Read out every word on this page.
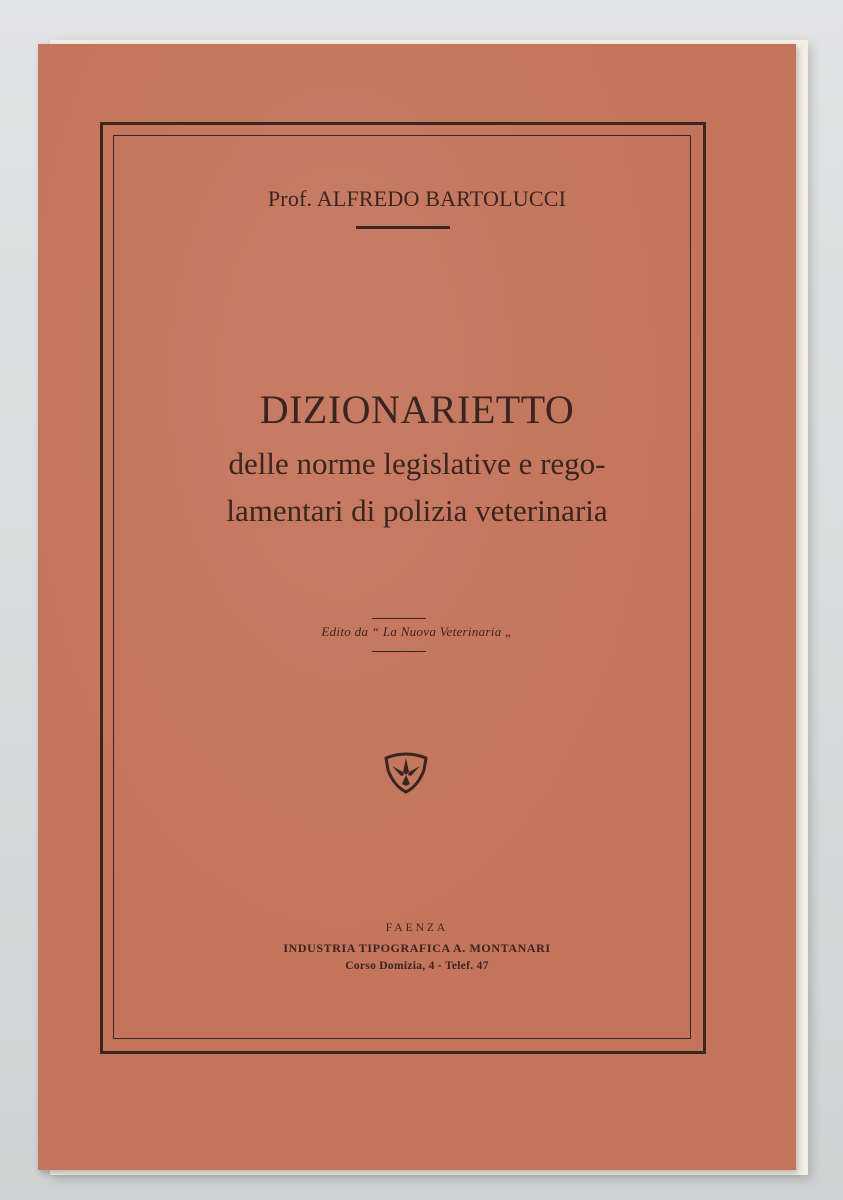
Prof. ALFREDO BARTOLUCCI
DIZIONARIETTO
delle norme legislative e rego-
lamentari di polizia veterinaria
Edito da “ La Nuova Veterinaria „
FAENZA
INDUSTRIA TIPOGRAFICA A. MONTANARI
Corso Domizia, 4 - Telef. 47
